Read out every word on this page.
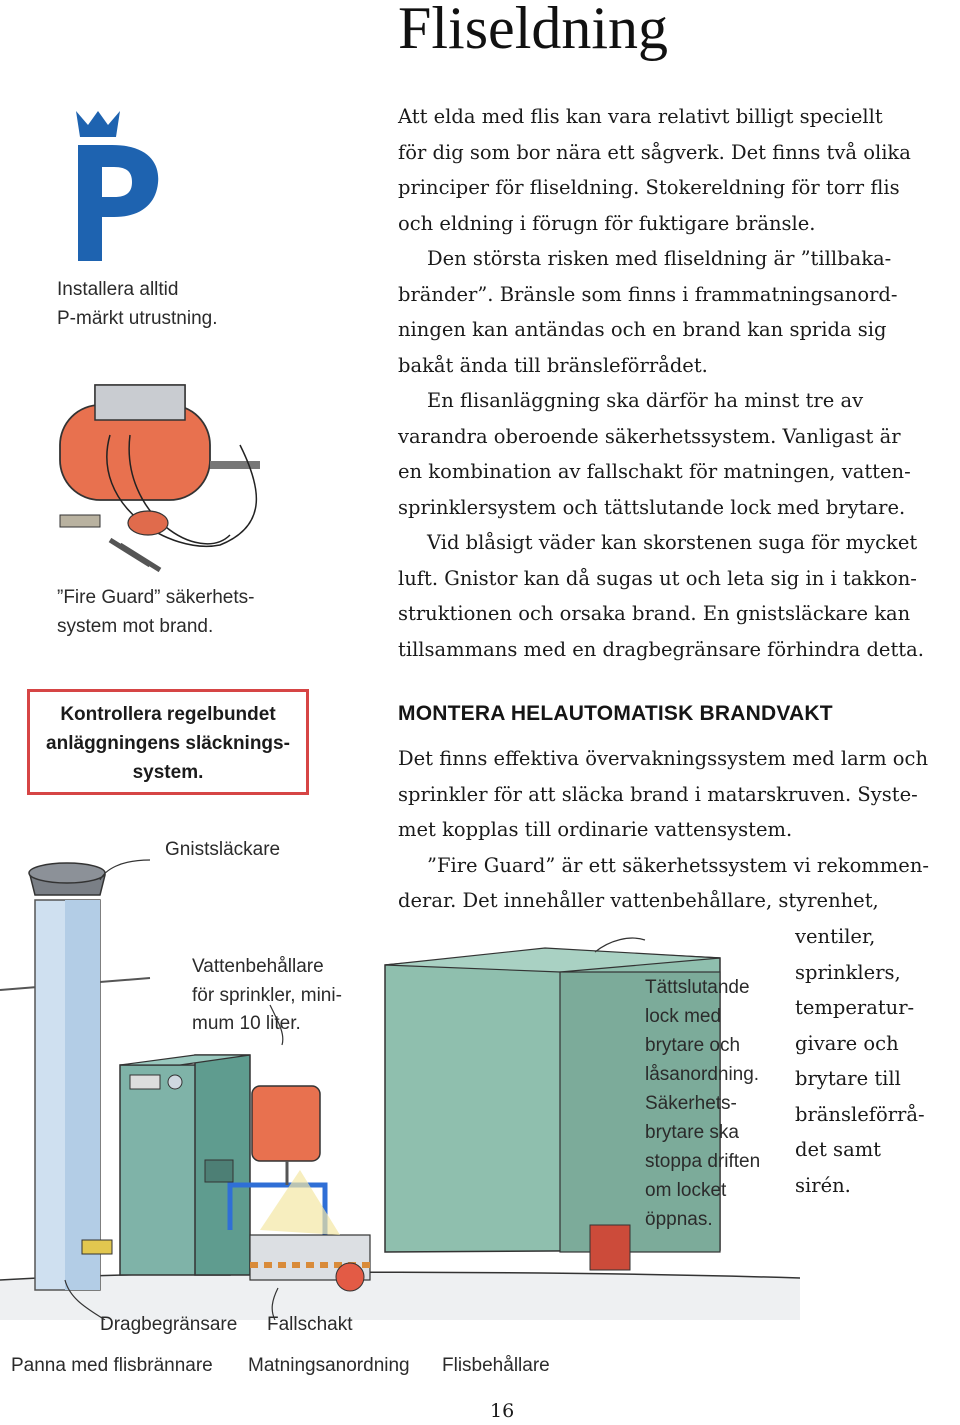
Fliseldning
Installera alltid
P-märkt utrustning.
”Fire Guard” säkerhets-
system mot brand.

Att elda med flis kan vara relativt billigt speciellt
för dig som bor nära ett sågverk. Det finns två olika
principer för fliseldning. Stokereldning för torr flis
och eldning i förugn för fuktigare bränsle.

Den största risken med fliseldning är ”tillbaka-
bränder”. Bränsle som finns i frammatningsanord-
ningen kan antändas och en brand kan sprida sig
bakåt ända till bränsleförrådet.

En flisanläggning ska därför ha minst tre av
varandra oberoende säkerhetssystem. Vanligast är
en kombination av fallschakt för matningen, vatten-
sprinklersystem och tättslutande lock med brytare.

Vid blåsigt väder kan skorstenen suga för mycket
luft. Gnistor kan då sugas ut och leta sig in i takkon-
struktionen och orsaka brand. En gnistsläckare kan
tillsammans med en dragbegränsare förhindra detta.

Kontrollera regelbundet
anläggningens släcknings-
system.
MONTERA HELAUTOMATISK BRANDVAKT

Det finns effektiva övervakningssystem med larm och
sprinkler för att släcka brand i matarskruven. Syste-
met kopplas till ordinarie vattensystem.

”Fire Guard” är ett säkerhetssystem vi rekommen-
derar. Det innehåller vattenbehållare, styrenhet,

ventiler,
sprinklers,
temperatur-
givare och
brytare till
bränsleförrå-
det samt
sirén.
Gnistsläckare
Vattenbehållare
för sprinkler, mini-
mum 10 liter.
Tättslutande
lock med
brytare och
låsanordning.
Säkerhets-
brytare ska
stoppa driften
om locket
öppnas.
Dragbegränsare Fallschakt
Panna med flisbrännare Matningsanordning Flisbehållare
16
